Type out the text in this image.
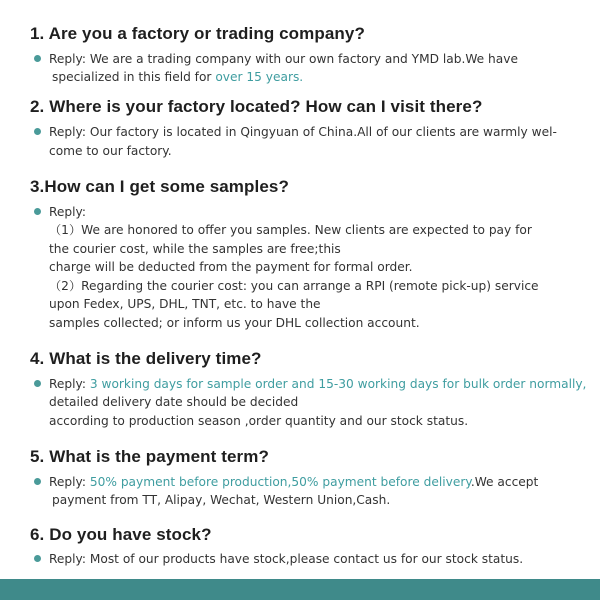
1. Are you a factory or trading company?
Reply: We are a trading company with our own factory and YMD lab.We have
specialized in this field for over 15 years.
2. Where is your factory located? How can I visit there?
Reply: Our factory is located in Qingyuan of China.All of our clients are warmly wel-
come to our factory.
3.How can I get some samples?
Reply:
（1）We are honored to offer you samples. New clients are expected to pay for
the courier cost, while the samples are free;this
charge will be deducted from the payment for formal order.
（2）Regarding the courier cost: you can arrange a RPI (remote pick-up) service
upon Fedex, UPS, DHL, TNT, etc. to have the
samples collected; or inform us your DHL collection account.
4. What is the delivery time?
Reply: 3 working days for sample order and 15-30 working days for bulk order normally,
detailed delivery date should be decided
according to production season ,order quantity and our stock status.
5. What is the payment term?
Reply: 50% payment before production,50% payment before delivery.We accept
payment from TT, Alipay, Wechat, Western Union,Cash.
6. Do you have stock?
Reply: Most of our products have stock,please contact us for our stock status.
